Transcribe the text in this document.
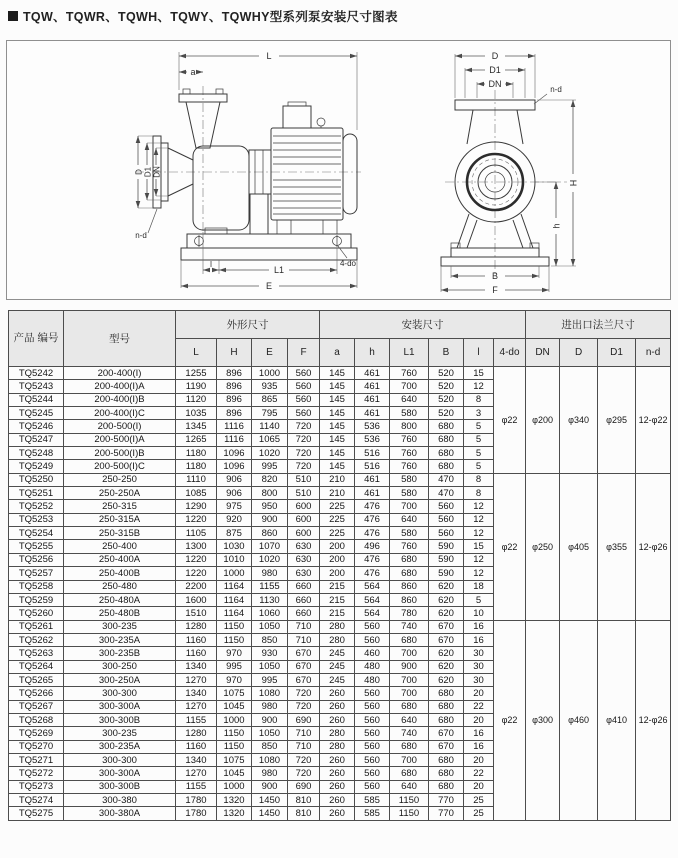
TQW、TQWR、TQWH、TQWY、TQWHY型系列泵安装尺寸图表
L
a
D D1 DN
n-d
l
L1
E
4-do
D
D1
DN
n-d
H
h
B
F
产品 编号	型号	外形尺寸				安装尺寸						进出口法兰尺寸			
		L	H	E	F	a	h	L1	B	l	4-do	DN	D	D1	n-d
TQ5242	200-400(I)	1255	896	1000	560	145	461	760	520	15	φ22	φ200	φ340	φ295	12-φ22
TQ5243	200-400(I)A	1190	896	935	560	145	461	700	520	12					
TQ5244	200-400(I)B	1120	896	865	560	145	461	640	520	8					
TQ5245	200-400(I)C	1035	896	795	560	145	461	580	520	3					
TQ5246	200-500(I)	1345	1116	1140	720	145	536	800	680	5					
TQ5247	200-500(I)A	1265	1116	1065	720	145	536	760	680	5					
TQ5248	200-500(I)B	1180	1096	1020	720	145	516	760	680	5					
TQ5249	200-500(I)C	1180	1096	995	720	145	516	760	680	5					
TQ5250	250-250	1110	906	820	510	210	461	580	470	8	φ22	φ250	φ405	φ355	12-φ26
TQ5251	250-250A	1085	906	800	510	210	461	580	470	8					
TQ5252	250-315	1290	975	950	600	225	476	700	560	12					
TQ5253	250-315A	1220	920	900	600	225	476	640	560	12					
TQ5254	250-315B	1105	875	860	600	225	476	580	560	12					
TQ5255	250-400	1300	1030	1070	630	200	496	760	590	15					
TQ5256	250-400A	1220	1010	1020	630	200	476	680	590	12					
TQ5257	250-400B	1220	1000	980	630	200	476	680	590	12					
TQ5258	250-480	2200	1164	1155	660	215	564	860	620	18					
TQ5259	250-480A	1600	1164	1130	660	215	564	860	620	5					
TQ5260	250-480B	1510	1164	1060	660	215	564	780	620	10					
TQ5261	300-235	1280	1150	1050	710	280	560	740	670	16	φ22	φ300	φ460	φ410	12-φ26
TQ5262	300-235A	1160	1150	850	710	280	560	680	670	16					
TQ5263	300-235B	1160	970	930	670	245	460	700	620	30					
TQ5264	300-250	1340	995	1050	670	245	480	900	620	30					
TQ5265	300-250A	1270	970	995	670	245	480	700	620	30					
TQ5266	300-300	1340	1075	1080	720	260	560	700	680	20					
TQ5267	300-300A	1270	1045	980	720	260	560	680	680	22					
TQ5268	300-300B	1155	1000	900	690	260	560	640	680	20					
TQ5269	300-235	1280	1150	1050	710	280	560	740	670	16					
TQ5270	300-235A	1160	1150	850	710	280	560	680	670	16					
TQ5271	300-300	1340	1075	1080	720	260	560	700	680	20					
TQ5272	300-300A	1270	1045	980	720	260	560	680	680	22					
TQ5273	300-300B	1155	1000	900	690	260	560	640	680	20					
TQ5274	300-380	1780	1320	1450	810	260	585	1150	770	25					
TQ5275	300-380A	1780	1320	1450	810	260	585	1150	770	25					
